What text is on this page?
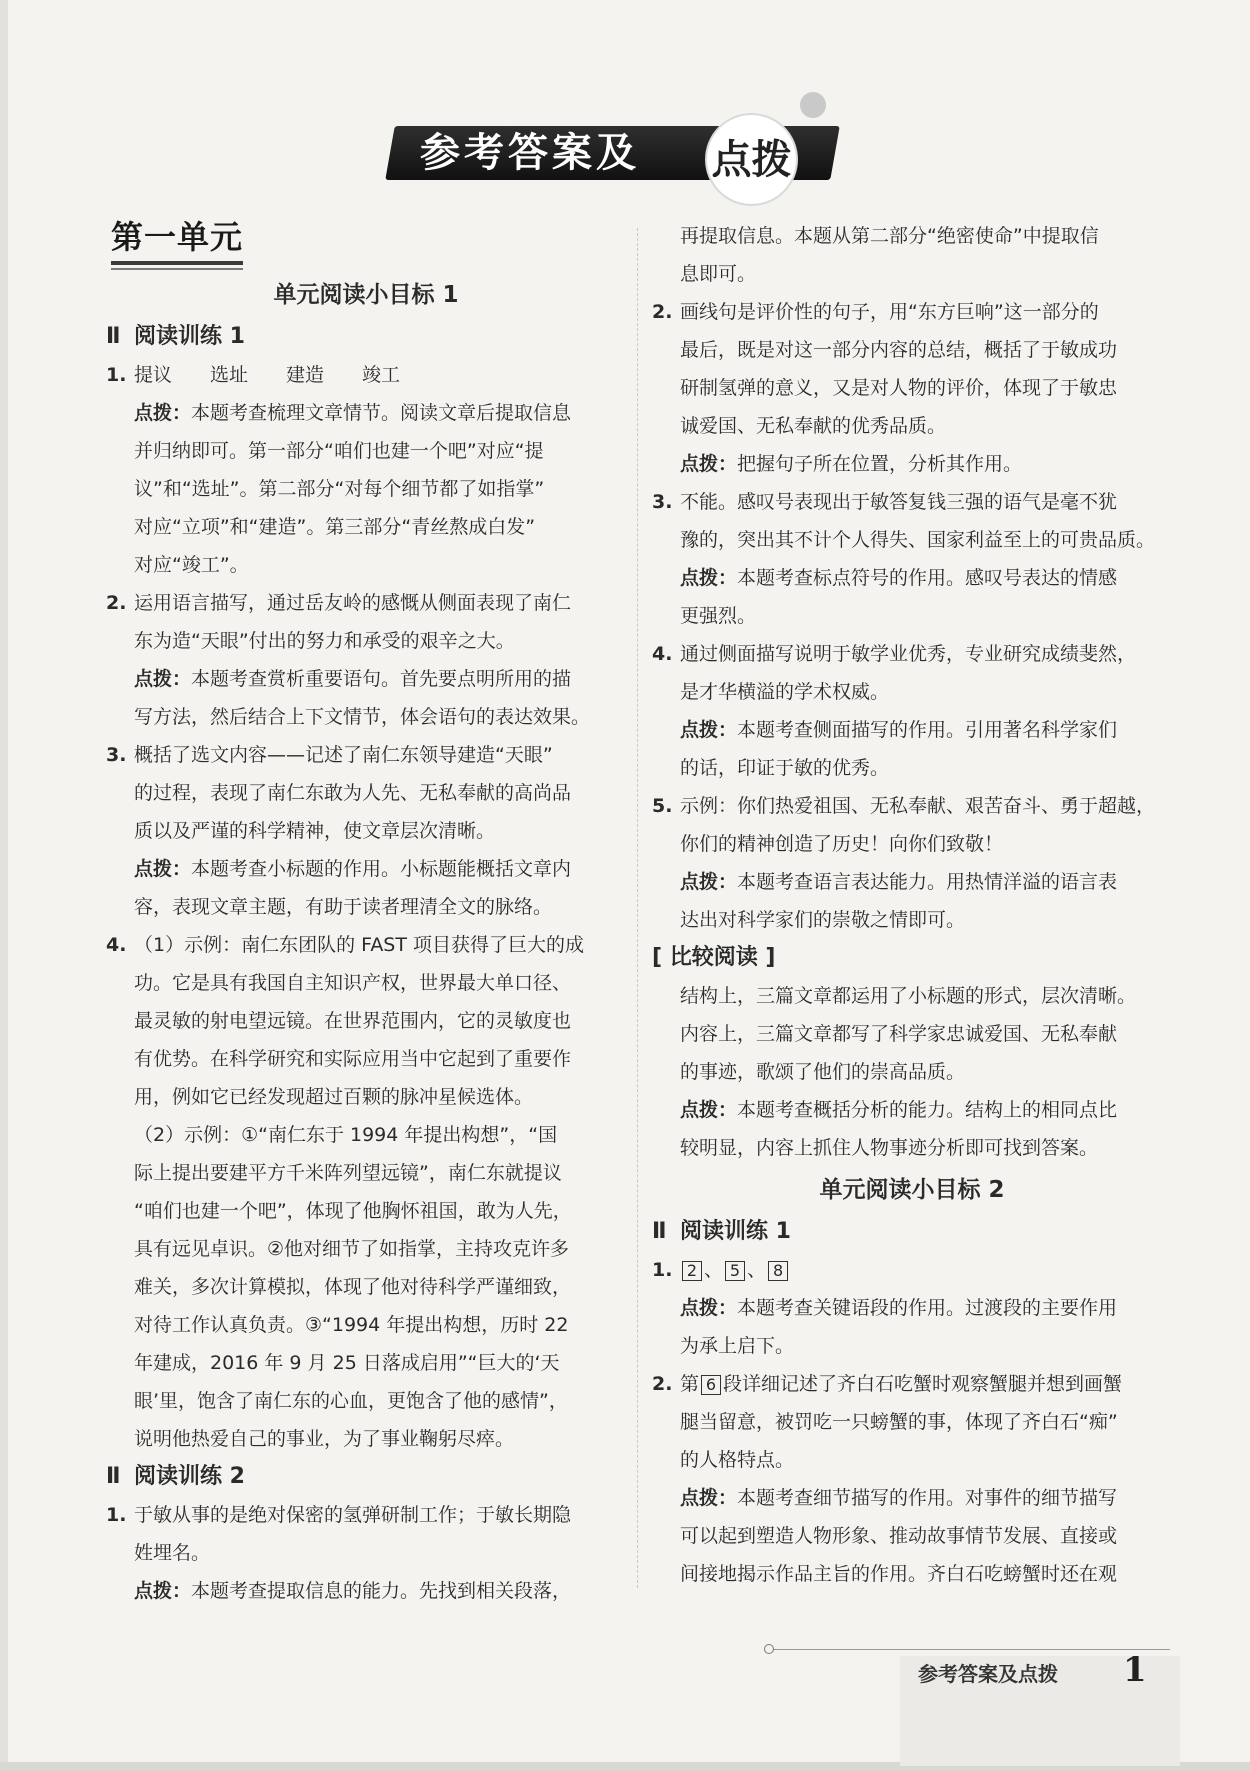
参考答案及 点拨
第一单元
单元阅读小目标 1
Ⅱ 阅读训练 1
1. 提议　　选址　　建造　　竣工
点拨：本题考查梳理文章情节。阅读文章后提取信息
并归纳即可。第一部分“咱们也建一个吧”对应“提
议”和“选址”。第二部分“对每个细节都了如指掌”
对应“立项”和“建造”。第三部分“青丝熬成白发”
对应“竣工”。
2. 运用语言描写，通过岳友岭的感慨从侧面表现了南仁
东为造“天眼”付出的努力和承受的艰辛之大。
点拨：本题考查赏析重要语句。首先要点明所用的描
写方法，然后结合上下文情节，体会语句的表达效果。
3. 概括了选文内容——记述了南仁东领导建造“天眼”
的过程，表现了南仁东敢为人先、无私奉献的高尚品
质以及严谨的科学精神，使文章层次清晰。
点拨：本题考查小标题的作用。小标题能概括文章内
容，表现文章主题，有助于读者理清全文的脉络。
4. （1）示例：南仁东团队的 FAST 项目获得了巨大的成
功。它是具有我国自主知识产权，世界最大单口径、
最灵敏的射电望远镜。在世界范围内，它的灵敏度也
有优势。在科学研究和实际应用当中它起到了重要作
用，例如它已经发现超过百颗的脉冲星候选体。
（2）示例：①“南仁东于 1994 年提出构想”，“国
际上提出要建平方千米阵列望远镜”，南仁东就提议
“咱们也建一个吧”，体现了他胸怀祖国，敢为人先，
具有远见卓识。②他对细节了如指掌，主持攻克许多
难关，多次计算模拟，体现了他对待科学严谨细致，
对待工作认真负责。③“1994 年提出构想，历时 22
年建成，2016 年 9 月 25 日落成启用”“巨大的‘天
眼’里，饱含了南仁东的心血，更饱含了他的感情”，
说明他热爱自己的事业，为了事业鞠躬尽瘁。
Ⅱ 阅读训练 2
1. 于敏从事的是绝对保密的氢弹研制工作；于敏长期隐
姓埋名。
点拨：本题考查提取信息的能力。先找到相关段落，
再提取信息。本题从第二部分“绝密使命”中提取信
息即可。
2. 画线句是评价性的句子，用“东方巨响”这一部分的
最后，既是对这一部分内容的总结，概括了于敏成功
研制氢弹的意义，又是对人物的评价，体现了于敏忠
诚爱国、无私奉献的优秀品质。
点拨：把握句子所在位置，分析其作用。
3. 不能。感叹号表现出于敏答复钱三强的语气是毫不犹
豫的，突出其不计个人得失、国家利益至上的可贵品质。
点拨：本题考查标点符号的作用。感叹号表达的情感
更强烈。
4. 通过侧面描写说明于敏学业优秀，专业研究成绩斐然，
是才华横溢的学术权威。
点拨：本题考查侧面描写的作用。引用著名科学家们
的话，印证于敏的优秀。
5. 示例：你们热爱祖国、无私奉献、艰苦奋斗、勇于超越，
你们的精神创造了历史！向你们致敬！
点拨：本题考查语言表达能力。用热情洋溢的语言表
达出对科学家们的崇敬之情即可。
[ 比较阅读 ]
结构上，三篇文章都运用了小标题的形式，层次清晰。
内容上，三篇文章都写了科学家忠诚爱国、无私奉献
的事迹，歌颂了他们的崇高品质。
点拨：本题考查概括分析的能力。结构上的相同点比
较明显，内容上抓住人物事迹分析即可找到答案。
单元阅读小目标 2
Ⅱ 阅读训练 1
1. 2 、 5 、 8
点拨：本题考查关键语段的作用。过渡段的主要作用
为承上启下。
2. 第 6 段详细记述了齐白石吃蟹时观察蟹腿并想到画蟹
腿当留意，被罚吃一只螃蟹的事，体现了齐白石“痴”
的人格特点。
点拨：本题考查细节描写的作用。对事件的细节描写
可以起到塑造人物形象、推动故事情节发展、直接或
间接地揭示作品主旨的作用。齐白石吃螃蟹时还在观
参考答案及点拨 1
